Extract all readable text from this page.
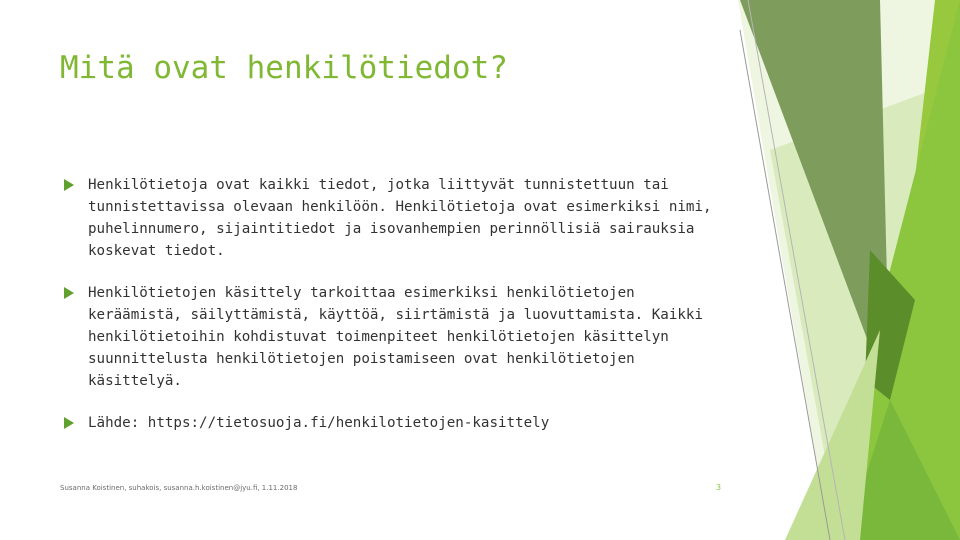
Mitä ovat henkilötiedot?
Henkilötietoja ovat kaikki tiedot, jotka liittyvät tunnistettuun tai tunnistettavissa olevaan henkilöön. Henkilötietoja ovat esimerkiksi nimi, puhelinnumero, sijaintitiedot ja isovanhempien perinnöllisiä sairauksia koskevat tiedot.
Henkilötietojen käsittely tarkoittaa esimerkiksi henkilötietojen keräämistä, säilyttämistä, käyttöä, siirtämistä ja luovuttamista. Kaikki henkilötietoihin kohdistuvat toimenpiteet henkilötietojen käsittelyn suunnittelusta henkilötietojen poistamiseen ovat henkilötietojen käsittelyä.
Lähde: https://tietosuoja.fi/henkilotietojen-kasittely
Susanna Koistinen, suhakois, susanna.h.koistinen@jyu.fi, 1.11.2018	3
